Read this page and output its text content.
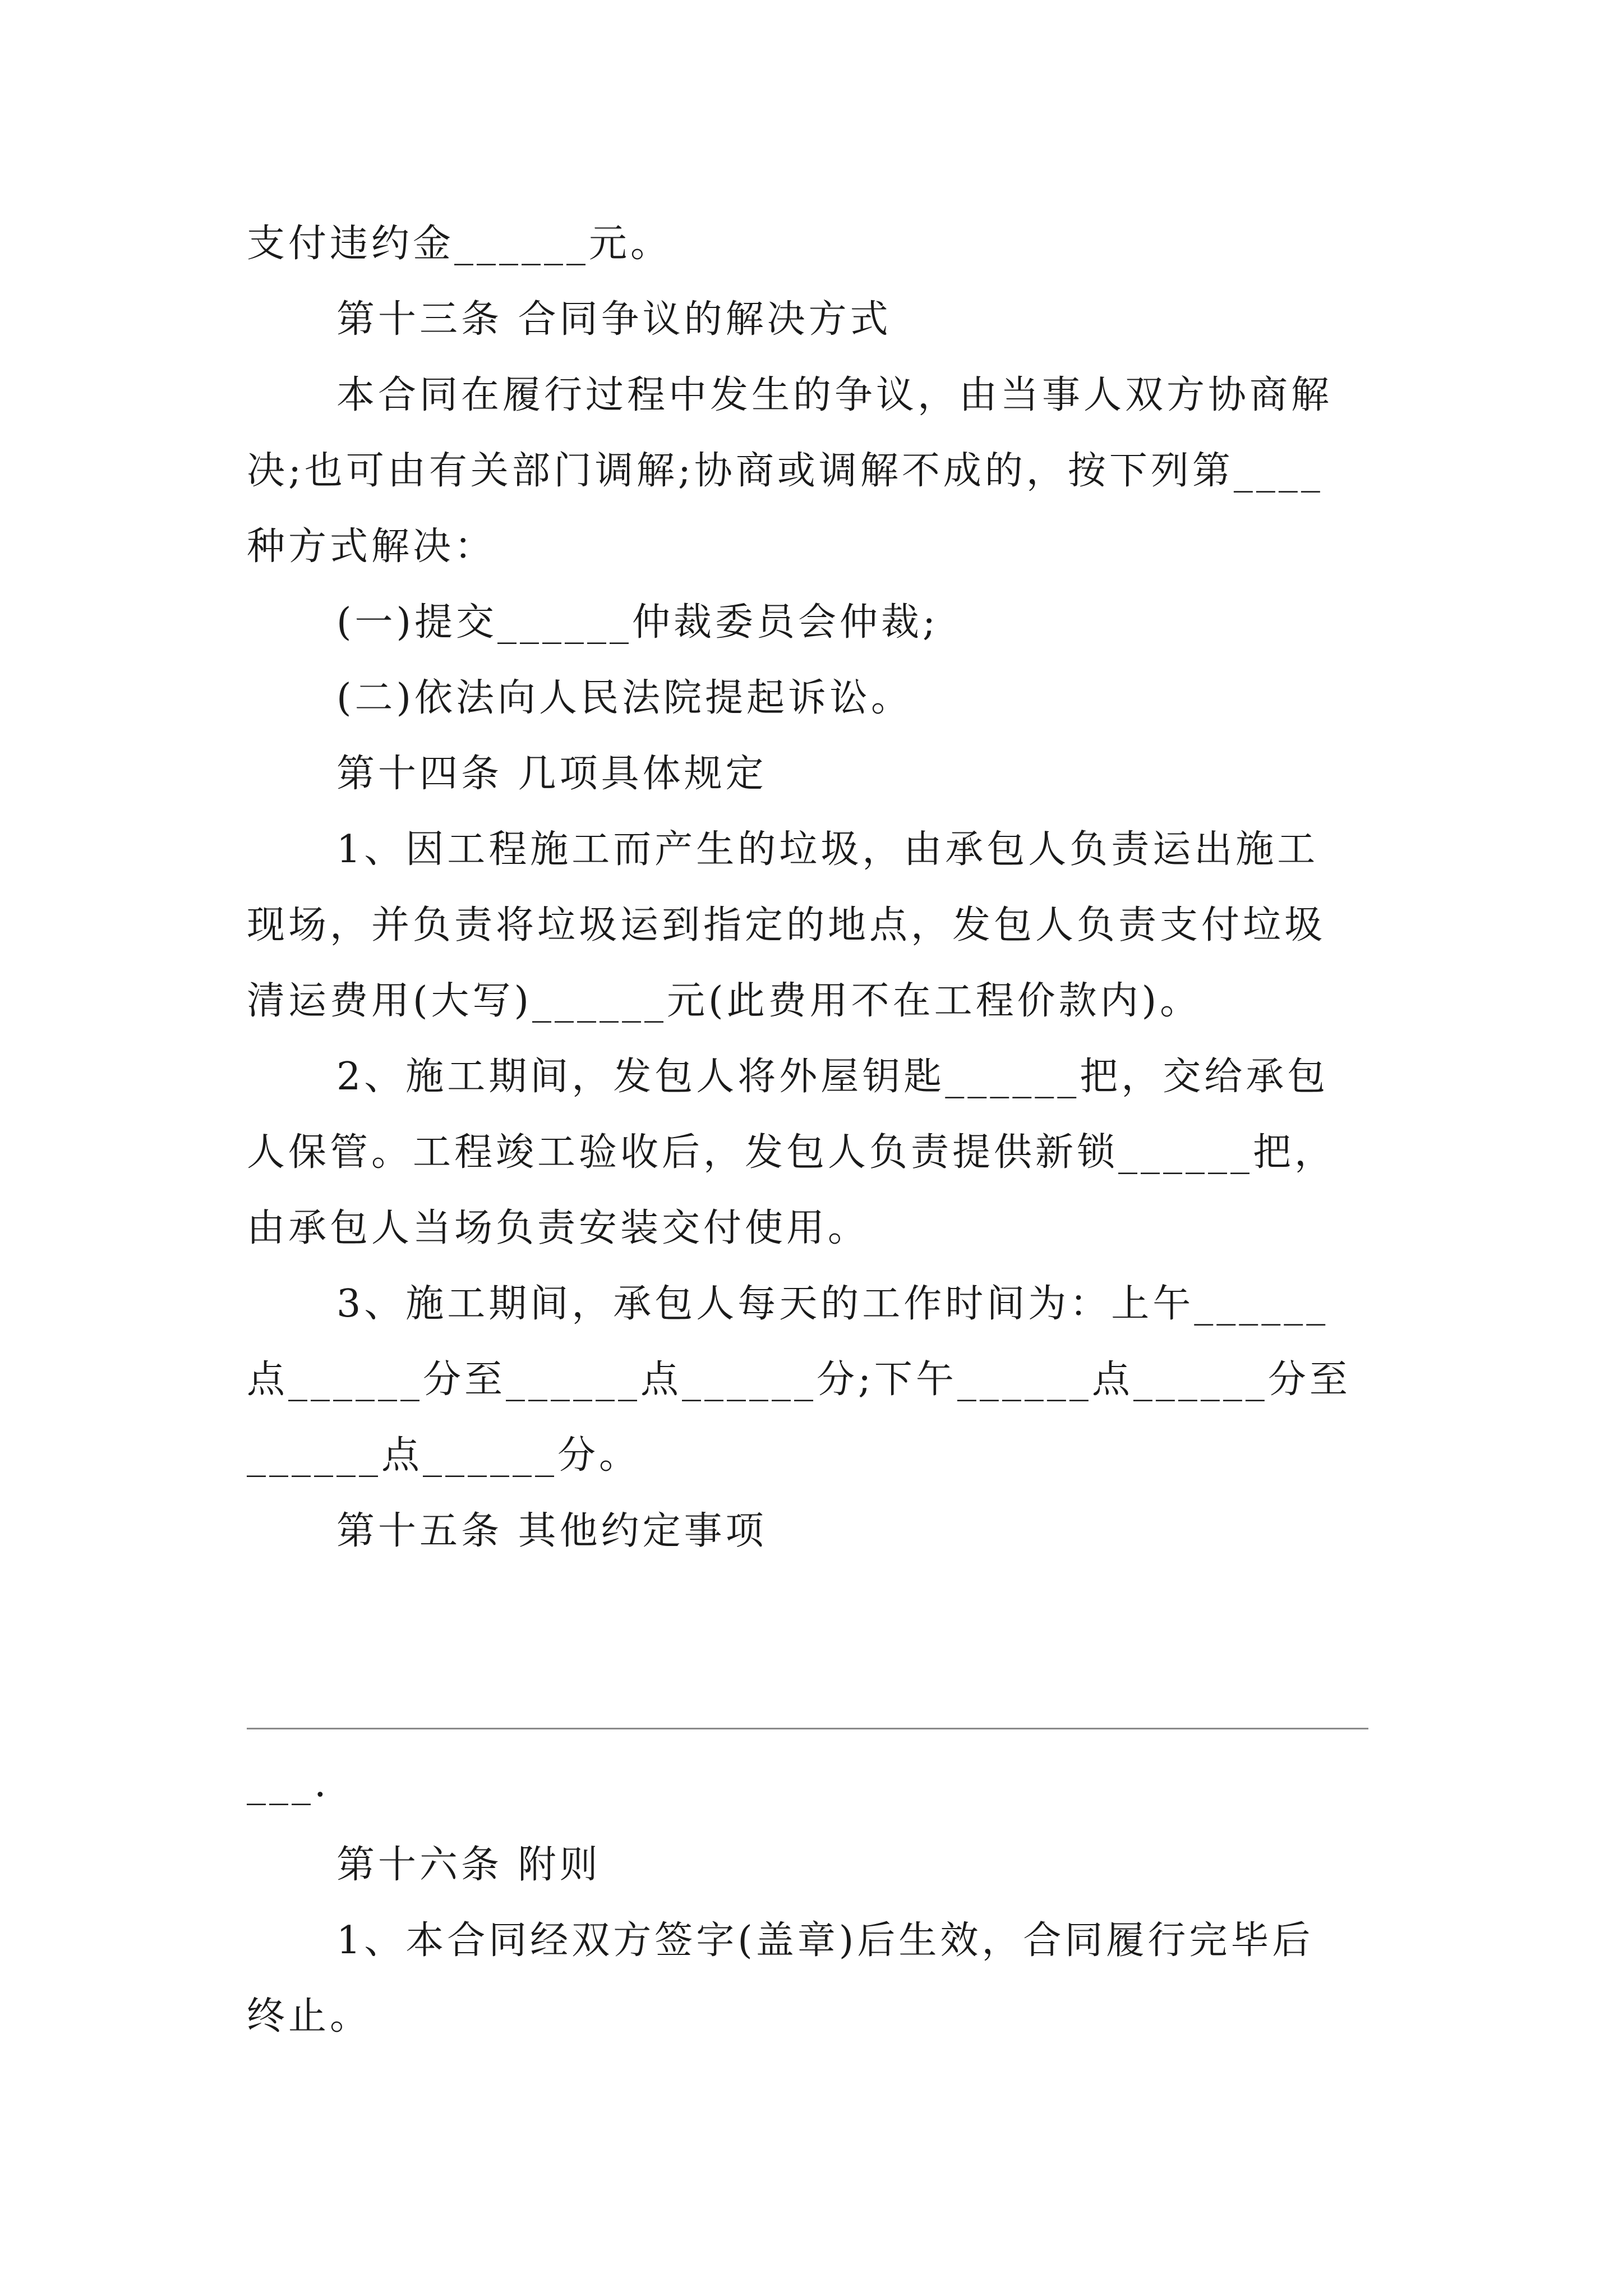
支付违约金______元。
第十三条 合同争议的解决方式
本合同在履行过程中发生的争议，由当事人双方协商解
决;也可由有关部门调解;协商或调解不成的，按下列第____
种方式解决：
(一)提交______仲裁委员会仲裁;
(二)依法向人民法院提起诉讼。
第十四条 几项具体规定
1、因工程施工而产生的垃圾，由承包人负责运出施工
现场，并负责将垃圾运到指定的地点，发包人负责支付垃圾
清运费用(大写)______元(此费用不在工程价款内)。
2、施工期间，发包人将外屋钥匙______把，交给承包
人保管。工程竣工验收后，发包人负责提供新锁______把，
由承包人当场负责安装交付使用。
3、施工期间，承包人每天的工作时间为：上午______
点______分至______点______分;下午______点______分至
______点______分。
第十五条 其他约定事项
___.
第十六条 附则
1、本合同经双方签字(盖章)后生效，合同履行完毕后
终止。
